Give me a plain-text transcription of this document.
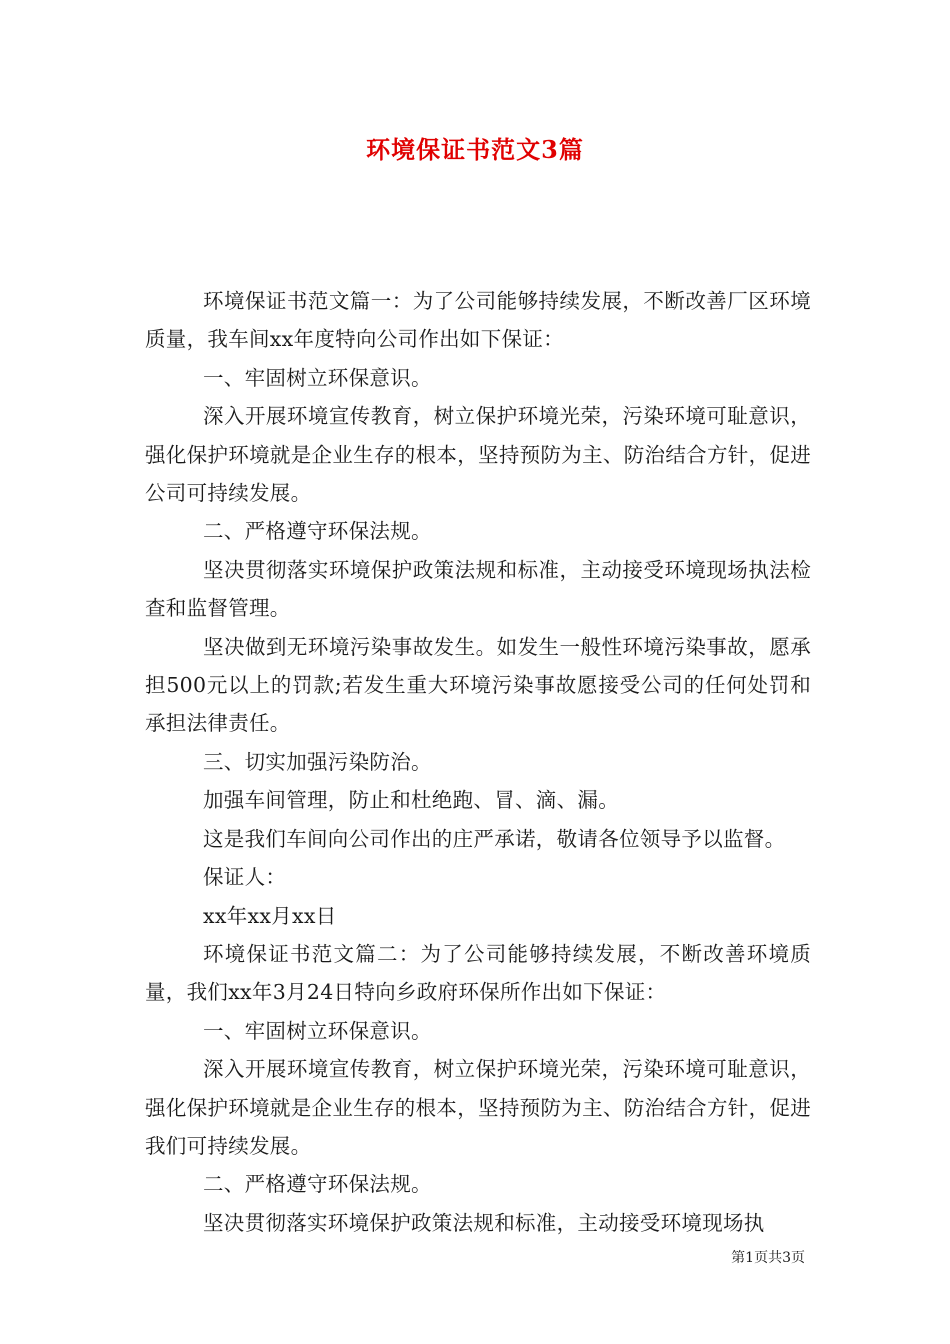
环境保证书范文3篇

环境保证书范文篇一：为了公司能够持续发展，不断改善厂区环境质量，我车间xx年度特向公司作出如下保证：

一、牢固树立环保意识。

深入开展环境宣传教育，树立保护环境光荣，污染环境可耻意识，强化保护环境就是企业生存的根本，坚持预防为主、防治结合方针，促进公司可持续发展。

二、严格遵守环保法规。

坚决贯彻落实环境保护政策法规和标准，主动接受环境现场执法检查和监督管理。

坚决做到无环境污染事故发生。如发生一般性环境污染事故，愿承担500元以上的罚款;若发生重大环境污染事故愿接受公司的任何处罚和承担法律责任。

三、切实加强污染防治。

加强车间管理，防止和杜绝跑、冒、滴、漏。

这是我们车间向公司作出的庄严承诺，敬请各位领导予以监督。

保证人：

xx年xx月xx日

环境保证书范文篇二：为了公司能够持续发展，不断改善环境质量，我们xx年3月24日特向乡政府环保所作出如下保证：

一、牢固树立环保意识。

深入开展环境宣传教育，树立保护环境光荣，污染环境可耻意识，强化保护环境就是企业生存的根本，坚持预防为主、防治结合方针，促进我们可持续发展。

二、严格遵守环保法规。

坚决贯彻落实环境保护政策法规和标准，主动接受环境现场执

第1页共3页
